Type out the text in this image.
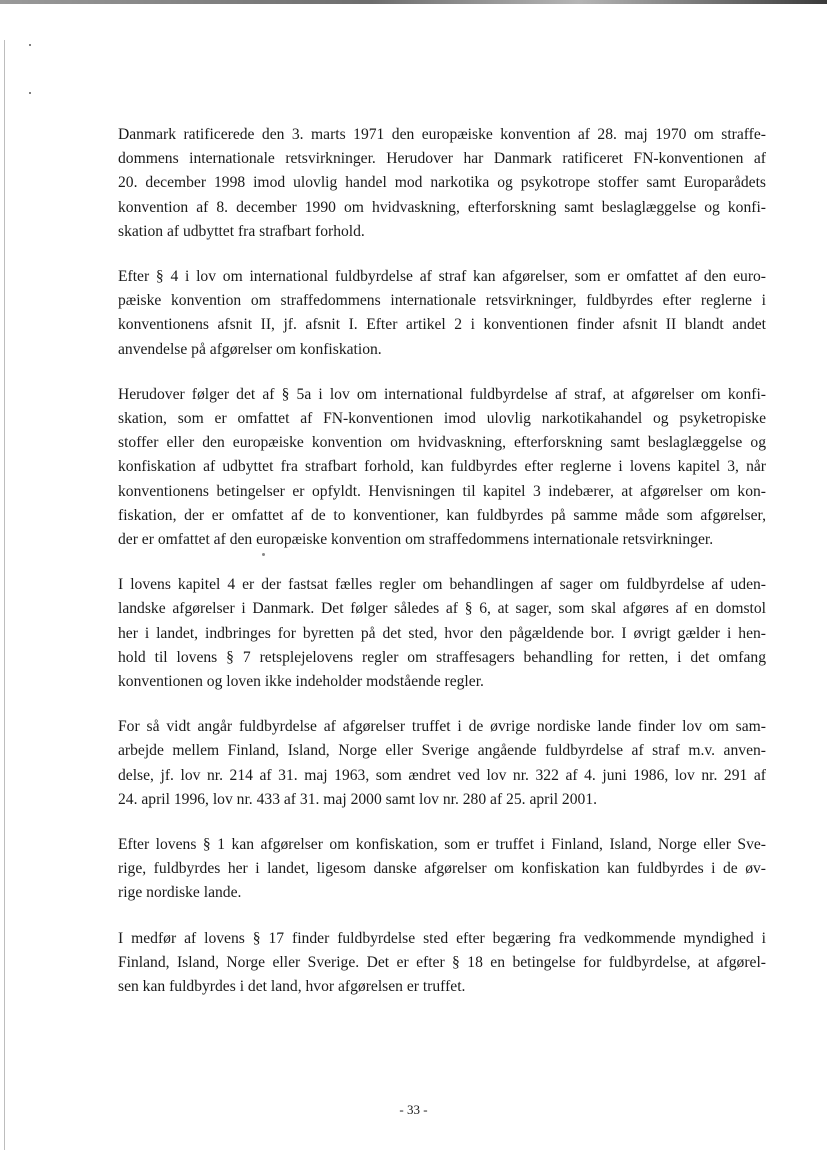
Danmark ratificerede den 3. marts 1971 den europæiske konvention af 28. maj 1970 om straffe-
dommens internationale retsvirkninger. Herudover har Danmark ratificeret FN-konventionen af
20. december 1998 imod ulovlig handel mod narkotika og psykotrope stoffer samt Europarådets
konvention af 8. december 1990 om hvidvaskning, efterforskning samt beslaglæggelse og konfi-
skation af udbyttet fra strafbart forhold.

Efter § 4 i lov om international fuldbyrdelse af straf kan afgørelser, som er omfattet af den euro-
pæiske konvention om straffedommens internationale retsvirkninger, fuldbyrdes efter reglerne i
konventionens afsnit II, jf. afsnit I. Efter artikel 2 i konventionen finder afsnit II blandt andet
anvendelse på afgørelser om konfiskation.

Herudover følger det af § 5a i lov om international fuldbyrdelse af straf, at afgørelser om konfi-
skation, som er omfattet af FN-konventionen imod ulovlig narkotikahandel og psyketropiske
stoffer eller den europæiske konvention om hvidvaskning, efterforskning samt beslaglæggelse og
konfiskation af udbyttet fra strafbart forhold, kan fuldbyrdes efter reglerne i lovens kapitel 3, når
konventionens betingelser er opfyldt. Henvisningen til kapitel 3 indebærer, at afgørelser om kon-
fiskation, der er omfattet af de to konventioner, kan fuldbyrdes på samme måde som afgørelser,
der er omfattet af den europæiske konvention om straffedommens internationale retsvirkninger.

I lovens kapitel 4 er der fastsat fælles regler om behandlingen af sager om fuldbyrdelse af uden-
landske afgørelser i Danmark. Det følger således af § 6, at sager, som skal afgøres af en domstol
her i landet, indbringes for byretten på det sted, hvor den pågældende bor. I øvrigt gælder i hen-
hold til lovens § 7 retsplejelovens regler om straffesagers behandling for retten, i det omfang
konventionen og loven ikke indeholder modstående regler.

For så vidt angår fuldbyrdelse af afgørelser truffet i de øvrige nordiske lande finder lov om sam-
arbejde mellem Finland, Island, Norge eller Sverige angående fuldbyrdelse af straf m.v. anven-
delse, jf. lov nr. 214 af 31. maj 1963, som ændret ved lov nr. 322 af 4. juni 1986, lov nr. 291 af
24. april 1996, lov nr. 433 af 31. maj 2000 samt lov nr. 280 af 25. april 2001.

Efter lovens § 1 kan afgørelser om konfiskation, som er truffet i Finland, Island, Norge eller Sve-
rige, fuldbyrdes her i landet, ligesom danske afgørelser om konfiskation kan fuldbyrdes i de øv-
rige nordiske lande.

I medfør af lovens § 17 finder fuldbyrdelse sted efter begæring fra vedkommende myndighed i
Finland, Island, Norge eller Sverige. Det er efter § 18 en betingelse for fuldbyrdelse, at afgørel-
sen kan fuldbyrdes i det land, hvor afgørelsen er truffet.

- 33 -
